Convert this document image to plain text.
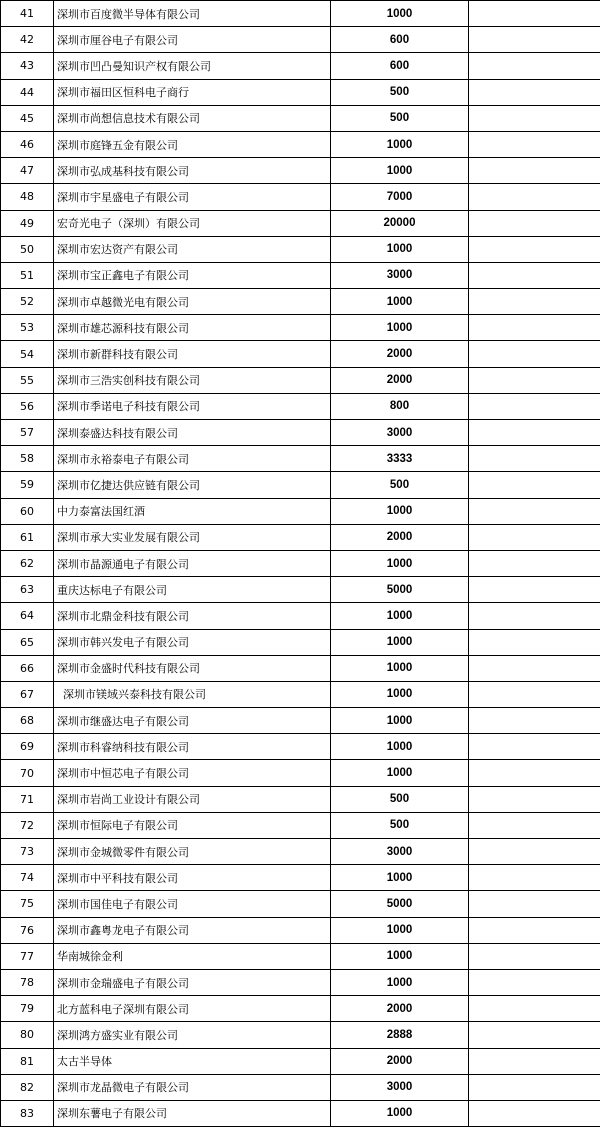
41	深圳市百度微半导体有限公司	1000	
42	深圳市厘谷电子有限公司	600	
43	深圳市凹凸曼知识产权有限公司	600	
44	深圳市福田区恒科电子商行	500	
45	深圳市尚想信息技术有限公司	500	
46	深圳市庭锋五金有限公司	1000	
47	深圳市弘成基科技有限公司	1000	
48	深圳市宇星盛电子有限公司	7000	
49	宏奇光电子（深圳）有限公司	20000	
50	深圳市宏达资产有限公司	1000	
51	深圳市宝正鑫电子有限公司	3000	
52	深圳市卓越微光电有限公司	1000	
53	深圳市雄芯源科技有限公司	1000	
54	深圳市新群科技有限公司	2000	
55	深圳市三浩实创科技有限公司	2000	
56	深圳市季诺电子科技有限公司	800	
57	深圳泰盛达科技有限公司	3000	
58	深圳市永裕泰电子有限公司	3333	
59	深圳市亿捷达供应链有限公司	500	
60	中力泰富法国红酒	1000	
61	深圳市承大实业发展有限公司	2000	
62	深圳市晶源通电子有限公司	1000	
63	重庆达标电子有限公司	5000	
64	深圳市北鼎金科技有限公司	1000	
65	深圳市韩兴发电子有限公司	1000	
66	深圳市金盛时代科技有限公司	1000	
67	深圳市镁域兴泰科技有限公司	1000	
68	深圳市继盛达电子有限公司	1000	
69	深圳市科睿纳科技有限公司	1000	
70	深圳市中恒芯电子有限公司	1000	
71	深圳市岩尚工业设计有限公司	500	
72	深圳市恒际电子有限公司	500	
73	深圳市金城微零件有限公司	3000	
74	深圳市中平科技有限公司	1000	
75	深圳市国佳电子有限公司	5000	
76	深圳市鑫粤龙电子有限公司	1000	
77	华南城徐金利	1000	
78	深圳市金瑞盛电子有限公司	1000	
79	北方蓝科电子深圳有限公司	2000	
80	深圳鸿方盛实业有限公司	2888	
81	太古半导体	2000	
82	深圳市龙晶微电子有限公司	3000	
83	深圳东薯电子有限公司	1000	
